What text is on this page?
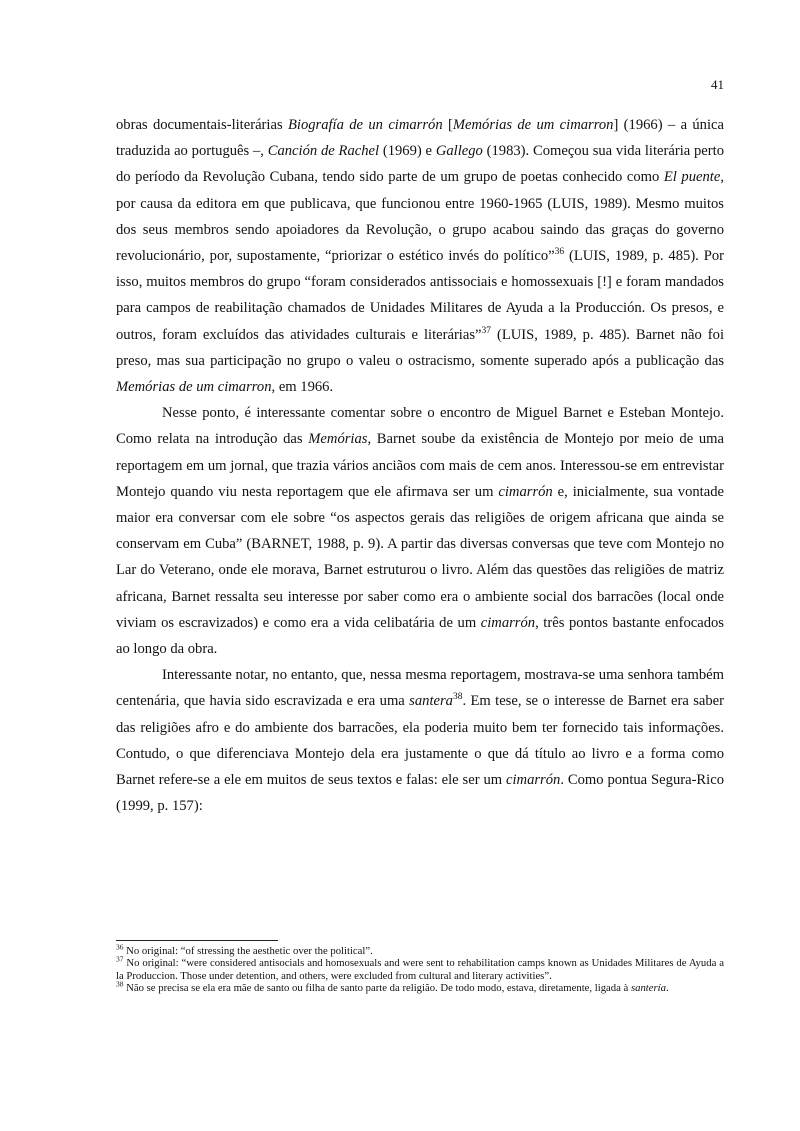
41

obras documentais-literárias Biografía de un cimarrón [Memórias de um cimarron] (1966) – a única traduzida ao português –, Canción de Rachel (1969) e Gallego (1983). Começou sua vida literária perto do período da Revolução Cubana, tendo sido parte de um grupo de poetas conhecido como El puente, por causa da editora em que publicava, que funcionou entre 1960-1965 (LUIS, 1989). Mesmo muitos dos seus membros sendo apoiadores da Revolução, o grupo acabou saindo das graças do governo revolucionário, por, supostamente, “priorizar o estético invés do político”$^{36}$ (LUIS, 1989, p. 485). Por isso, muitos membros do grupo “foram considerados antissociais e homossexuais [!] e foram mandados para campos de reabilitação chamados de Unidades Militares de Ayuda a la Producción. Os presos, e outros, foram excluídos das atividades culturais e literárias”$^{37}$ (LUIS, 1989, p. 485). Barnet não foi preso, mas sua participação no grupo o valeu o ostracismo, somente superado após a publicação das Memórias de um cimarron, em 1966.

Nesse ponto, é interessante comentar sobre o encontro de Miguel Barnet e Esteban Montejo. Como relata na introdução das Memórias, Barnet soube da existência de Montejo por meio de uma reportagem em um jornal, que trazia vários anciãos com mais de cem anos. Interessou-se em entrevistar Montejo quando viu nesta reportagem que ele afirmava ser um cimarrón e, inicialmente, sua vontade maior era conversar com ele sobre “os aspectos gerais das religiões de origem africana que ainda se conservam em Cuba” (BARNET, 1988, p. 9). A partir das diversas conversas que teve com Montejo no Lar do Veterano, onde ele morava, Barnet estruturou o livro. Além das questões das religiões de matriz africana, Barnet ressalta seu interesse por saber como era o ambiente social dos barracões (local onde viviam os escravizados) e como era a vida celibatária de um cimarrón, três pontos bastante enfocados ao longo da obra.

Interessante notar, no entanto, que, nessa mesma reportagem, mostrava-se uma senhora também centenária, que havia sido escravizada e era uma santera$^{38}$. Em tese, se o interesse de Barnet era saber das religiões afro e do ambiente dos barracões, ela poderia muito bem ter fornecido tais informações. Contudo, o que diferenciava Montejo dela era justamente o que dá título ao livro e a forma como Barnet refere-se a ele em muitos de seus textos e falas: ele ser um cimarrón. Como pontua Segura-Rico (1999, p. 157):

$^{36}$ No original: “of stressing the aesthetic over the political”.

$^{37}$ No original: “were considered antisocials and homosexuals and were sent to rehabilitation camps known as Unidades Militares de Ayuda a la Produccion. Those under detention, and others, were excluded from cultural and literary activities”.

$^{38}$ Não se precisa se ela era mãe de santo ou filha de santo parte da religião. De todo modo, estava, diretamente, ligada à santería.
